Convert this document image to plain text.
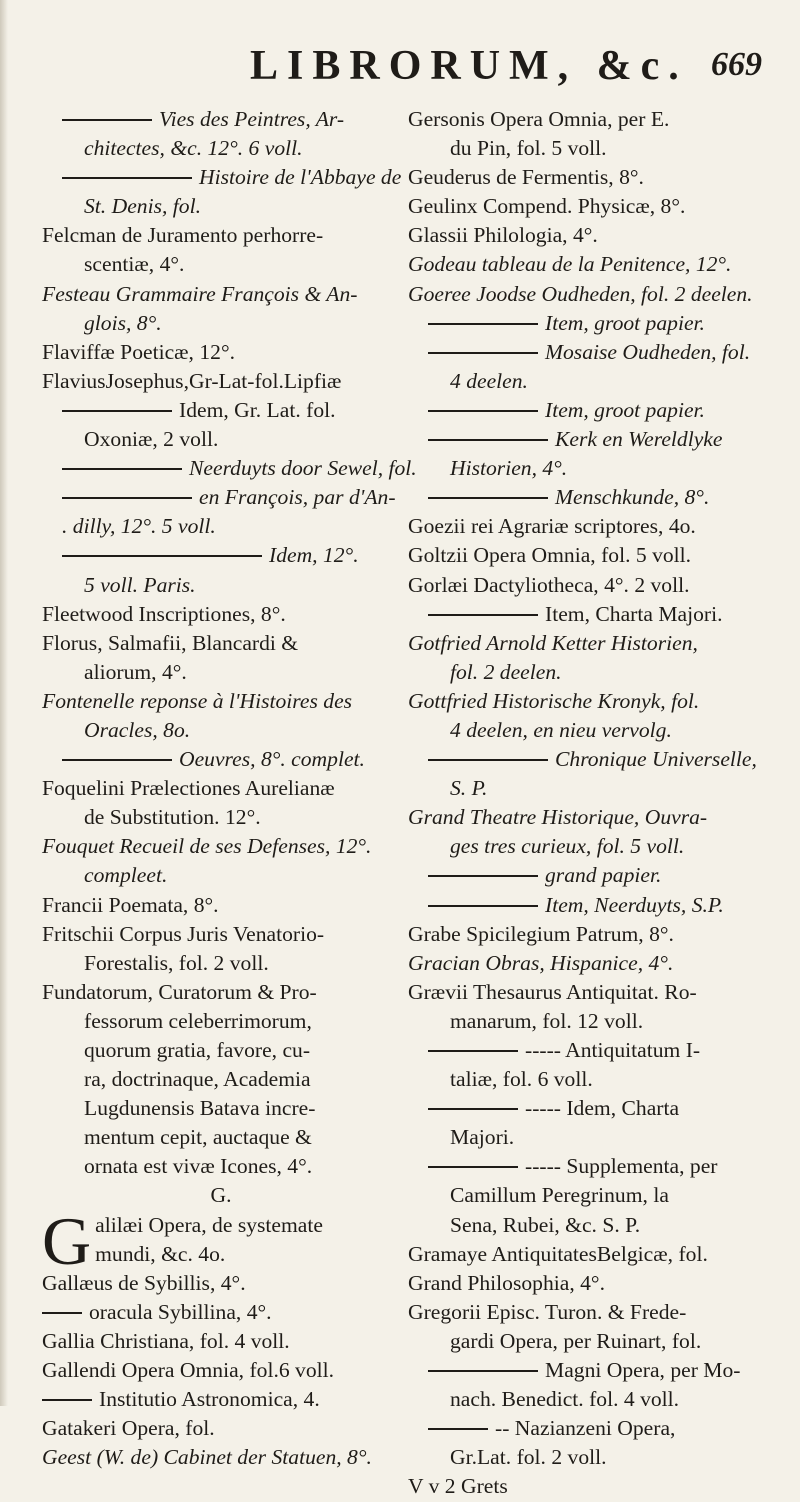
LIBRORUM, &c. 669
Vies des Peintres, Ar-
chitectes, &c. 12°. 6 voll.
Histoire de l'Abbaye de
St. Denis, fol.
Felcman de Juramento perhorre-
scentiæ, 4°.
Festeau Grammaire François & An-
glois, 8°.
Flaviffæ Poeticæ, 12°.
FlaviusJosephus,Gr-Lat-fol.Lipfiæ
Idem, Gr. Lat. fol.
Oxoniæ, 2 voll.
Neerduyts door Sewel, fol.
en François, par d'An-
. dilly, 12°. 5 voll.
Idem, 12°.
5 voll. Paris.
Fleetwood Inscriptiones, 8°.
Florus, Salmafii, Blancardi &
aliorum, 4°.
Fontenelle reponse à l'Histoires des
Oracles, 8o.
Oeuvres, 8°. complet.
Foquelini Prælectiones Aurelianæ
de Substitution. 12°.
Fouquet Recueil de ses Defenses, 12°.
compleet.
Francii Poemata, 8°.
Fritschii Corpus Juris Venatorio-
Forestalis, fol. 2 voll.
Fundatorum, Curatorum & Pro-
fessorum celeberrimorum,
quorum gratia, favore, cu-
ra, doctrinaque, Academia
Lugdunensis Batava incre-
mentum cepit, auctaque &
ornata est vivæ Icones, 4°.
G.
Galilæi Opera, de systemate
mundi, &c. 4o.
Gallæus de Sybillis, 4°.
oracula Sybillina, 4°.
Gallia Christiana, fol. 4 voll.
Gallendi Opera Omnia, fol.6 voll.
Institutio Astronomica, 4.
Gatakeri Opera, fol.
Geest (W. de) Cabinet der Statuen, 8°.
Gersonis Opera Omnia, per E.
du Pin, fol. 5 voll.
Geuderus de Fermentis, 8°.
Geulinx Compend. Physicæ, 8°.
Glassii Philologia, 4°.
Godeau tableau de la Penitence, 12°.
Goeree Joodse Oudheden, fol. 2 deelen.
Item, groot papier.
Mosaise Oudheden, fol.
4 deelen.
Item, groot papier.
Kerk en Wereldlyke
Historien, 4°.
Menschkunde, 8°.
Goezii rei Agrariæ scriptores, 4o.
Goltzii Opera Omnia, fol. 5 voll.
Gorlæi Dactyliotheca, 4°. 2 voll.
Item, Charta Majori.
Gotfried Arnold Ketter Historien,
fol. 2 deelen.
Gottfried Historische Kronyk, fol.
4 deelen, en nieu vervolg.
Chronique Universelle,
S. P.
Grand Theatre Historique, Ouvra-
ges tres curieux, fol. 5 voll.
grand papier.
Item, Neerduyts, S.P.
Grabe Spicilegium Patrum, 8°.
Gracian Obras, Hispanice, 4°.
Grævii Thesaurus Antiquitat. Ro-
manarum, fol. 12 voll.
----- Antiquitatum I-
taliæ, fol. 6 voll.
----- Idem, Charta
Majori.
----- Supplementa, per
Camillum Peregrinum, la
Sena, Rubei, &c. S. P.
Gramaye AntiquitatesBelgicæ, fol.
Grand Philosophia, 4°.
Gregorii Episc. Turon. & Frede-
gardi Opera, per Ruinart, fol.
Magni Opera, per Mo-
nach. Benedict. fol. 4 voll.
-- Nazianzeni Opera,
Gr.Lat. fol. 2 voll.
V v 2 Grets
